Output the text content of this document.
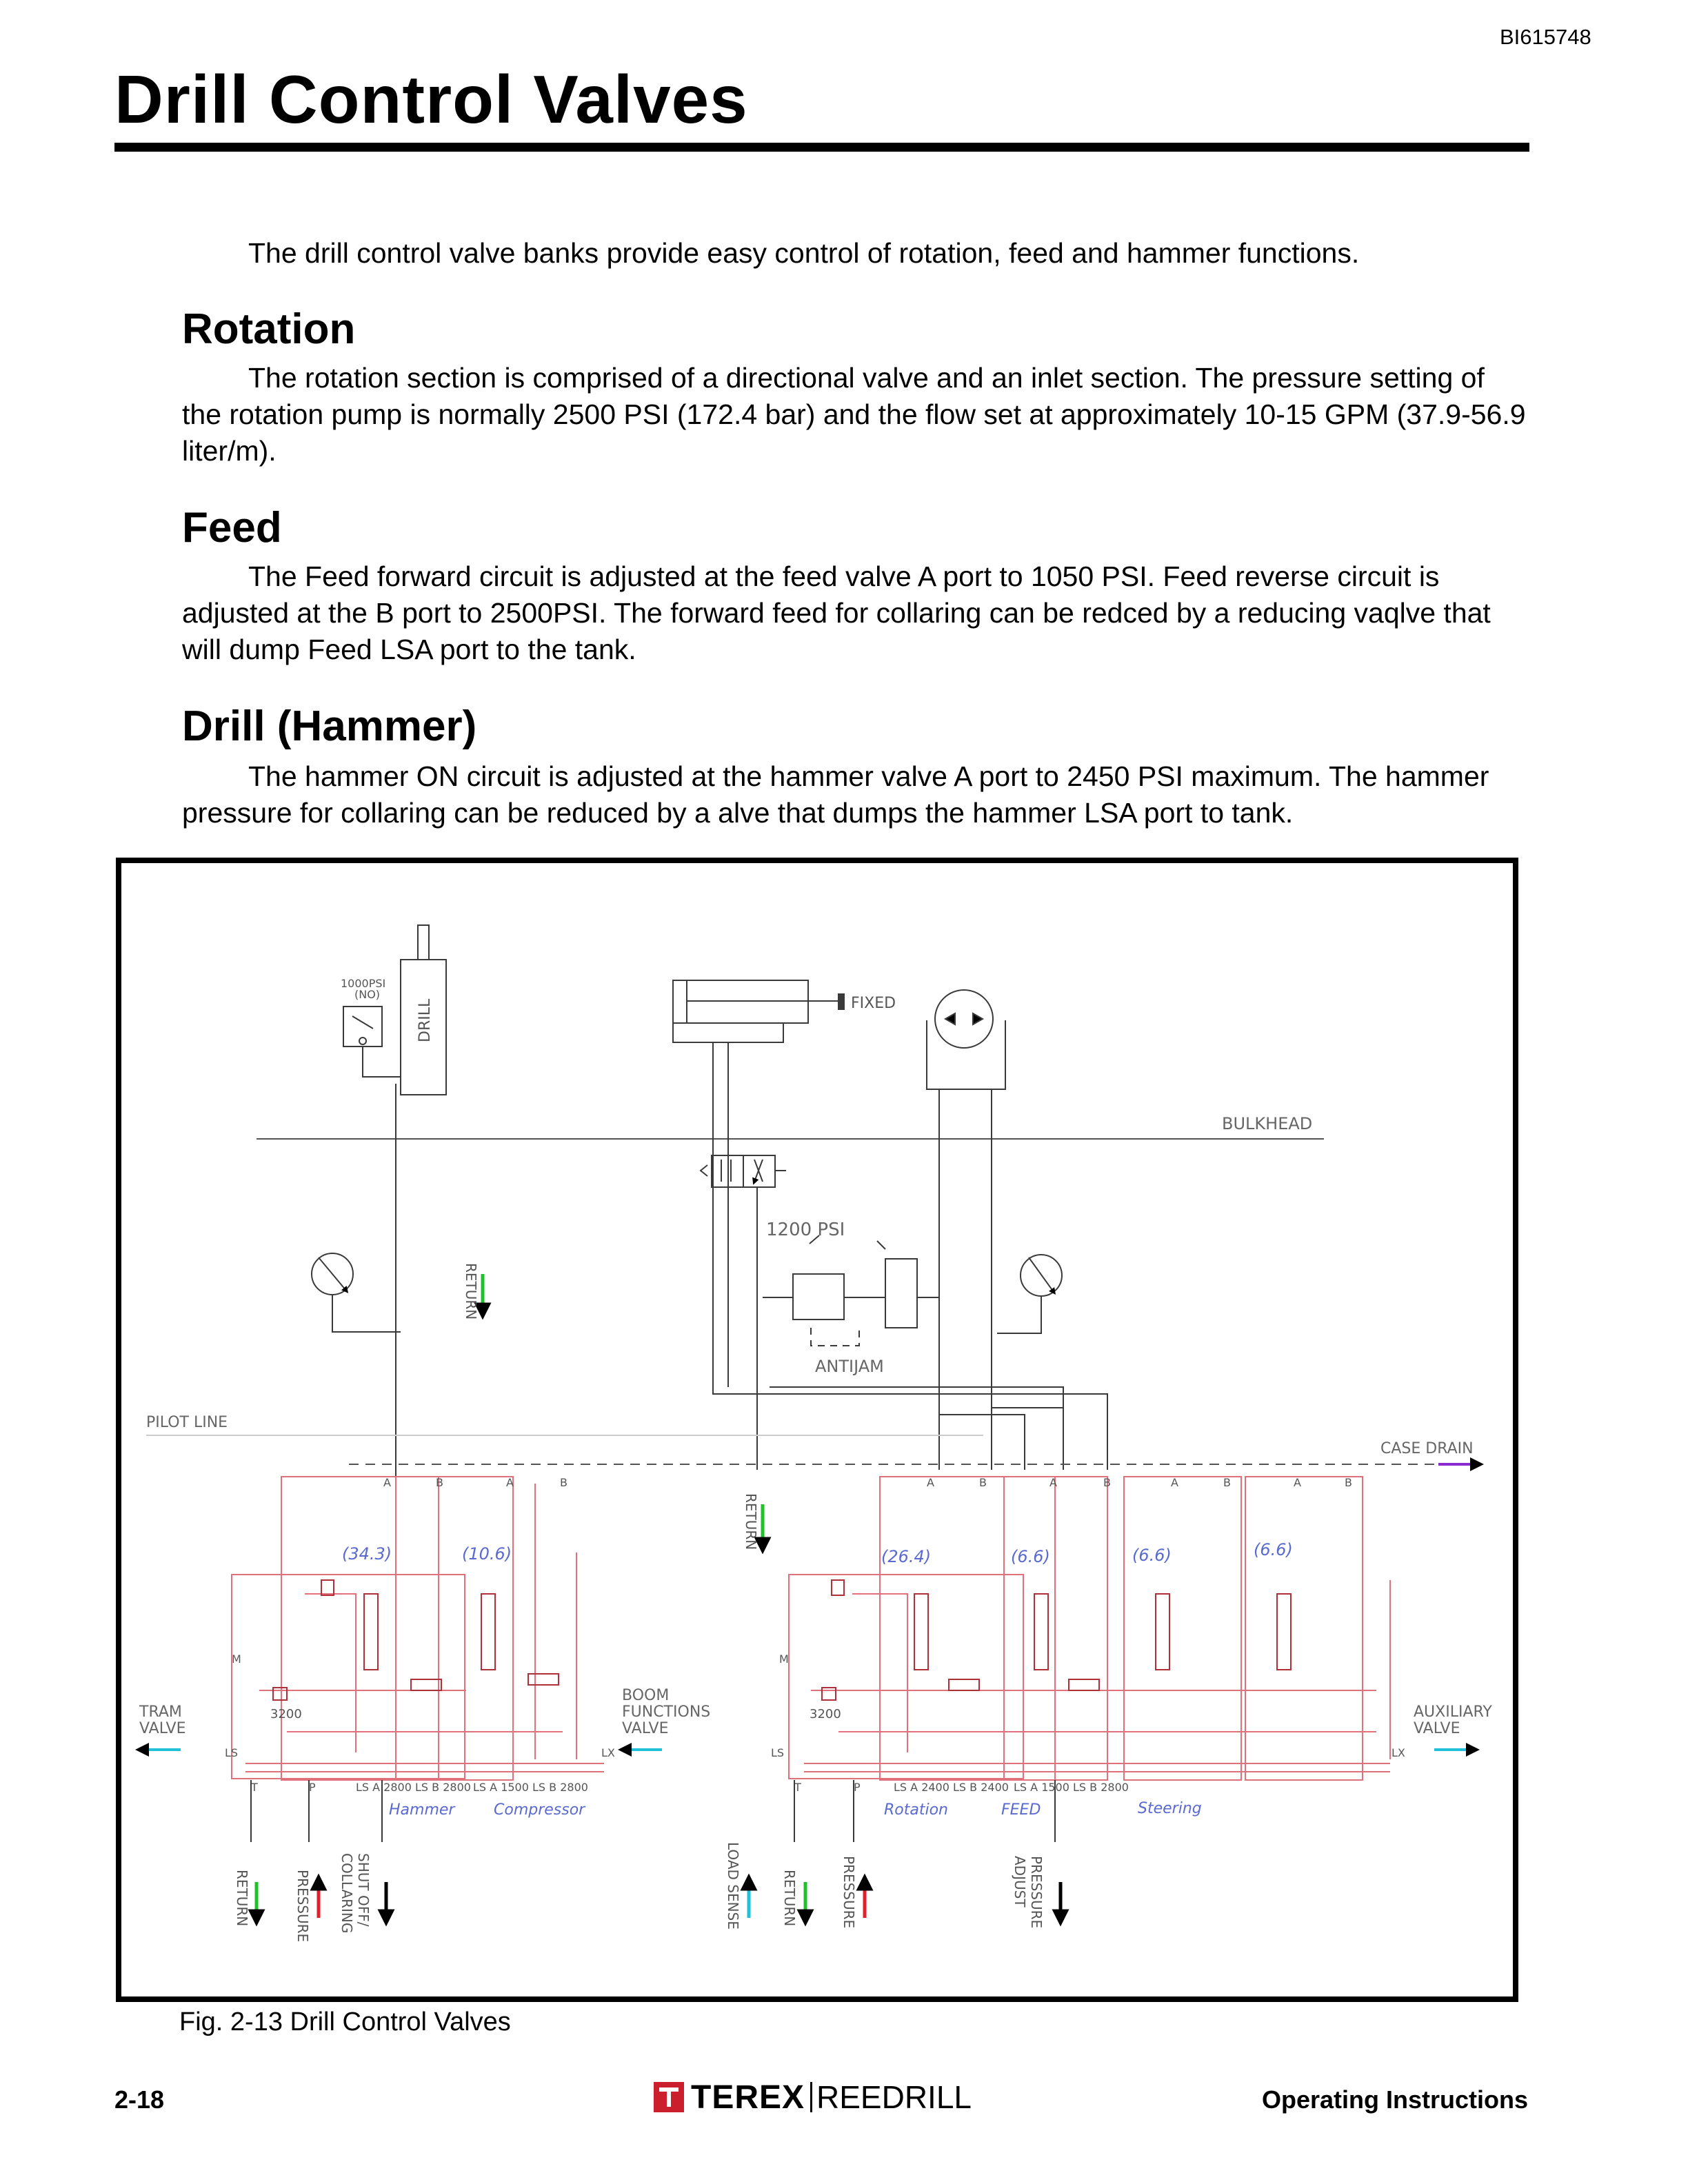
BI615748
Drill Control Valves

The drill control valve banks provide easy control of rotation, feed and hammer functions.

Rotation

The rotation section is comprised of a directional valve and an inlet section. The pressure setting of the rotation pump is normally 2500 PSI (172.4 bar) and the flow set at approximately 10-15 GPM (37.9-56.9 liter/m).

Feed

The Feed forward circuit is adjusted at the feed valve A port to 1050 PSI. Feed reverse circuit is adjusted at the B port to 2500PSI. The forward feed for collaring can be redced by a reducing vaqlve that will dump Feed LSA port to the tank.

Drill (Hammer)

The hammer ON circuit is adjusted at the hammer valve A port to 2450 PSI maximum. The hammer pressure for collaring can be reduced by a alve that dumps the hammer LSA port to tank.

DRILL
1000PSI
(NO)
FIXED
BULKHEAD
1200 PSI
ANTIJAM
PILOT LINE
CASE DRAIN
RETURN
RETURN
(34.3)	(10.6)
Hammer	Compressor
LS A 2800 LS B 2800 LS A 1500 LS B 2800
3200
A	B	A	B
M
LS	LX
T	P
TRAM
VALVE
BOOM
FUNCTIONS
VALVE
(26.4)	(6.6)	(6.6)	(6.6)
Rotation	FEED	Steering
LS A 2400 LS B 2400 LS A 1500 LS B 2800
3200
A	B	A	B	A	B	A	B
M
LS	LX
T	P
AUXILIARY
VALVE
RETURN	PRESSURE	SHUT OFF/
COLLARING	LOAD SENSE	RETURN	PRESSURE	PRESSURE
ADJUST
Fig. 2-13 Drill Control Valves
2-18	TEREX REEDRILL	Operating Instructions
